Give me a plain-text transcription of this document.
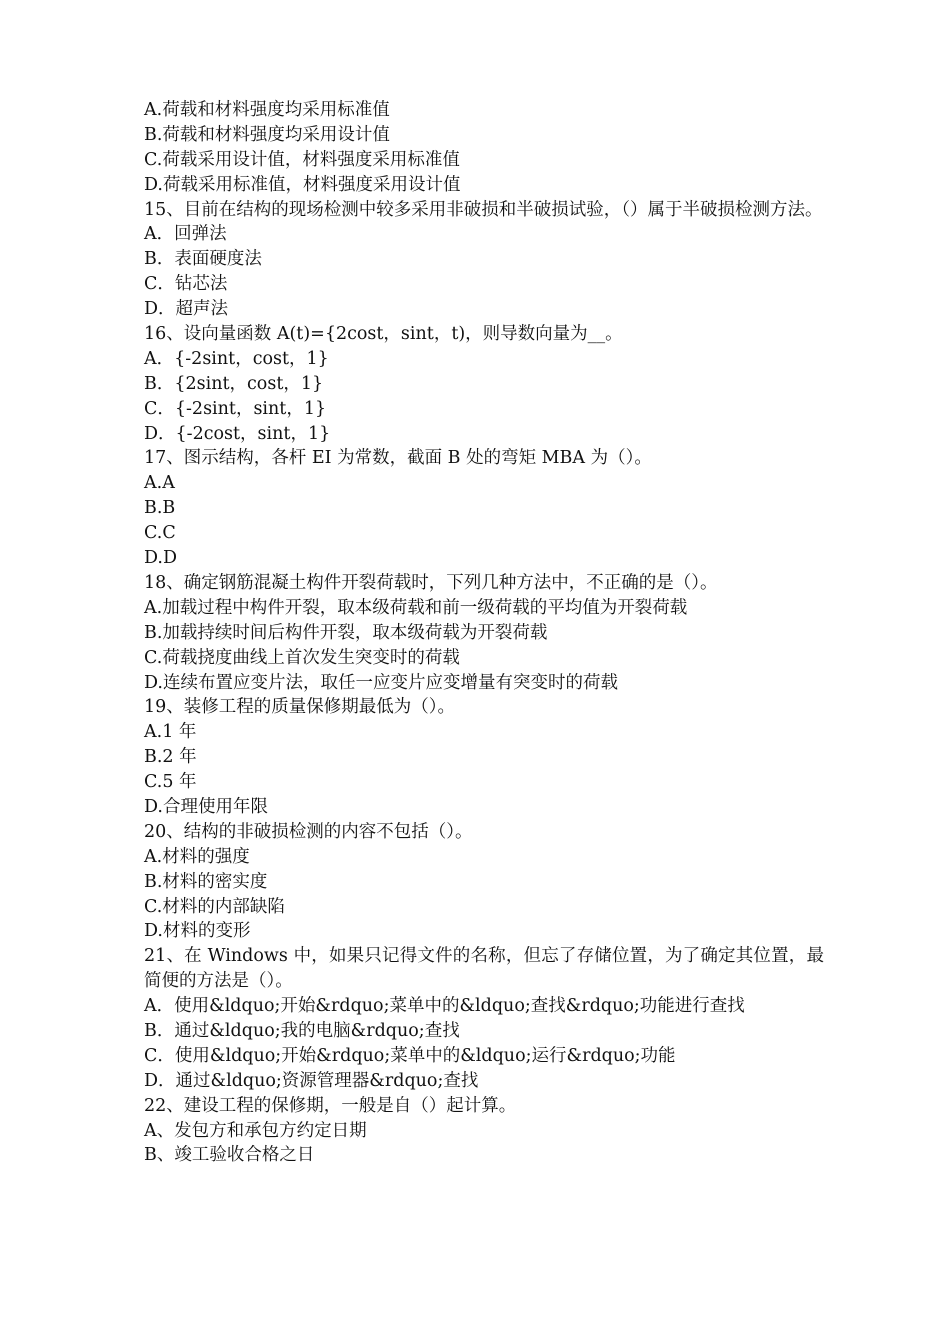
A.荷载和材料强度均采用标准值
B.荷载和材料强度均采用设计值
C.荷载采用设计值，材料强度采用标准值
D.荷载采用标准值，材料强度采用设计值
15、目前在结构的现场检测中较多采用非破损和半破损试验，（）属于半破损检测方法。
A．回弹法
B．表面硬度法
C．钻芯法
D．超声法
16、设向量函数 A(t)={2cost，sint，t)，则导数向量为__。
A．{-2sint，cost，1}
B．{2sint，cost，1}
C．{-2sint，sint，1}
D．{-2cost，sint，1}
17、图示结构，各杆 EI 为常数，截面 B 处的弯矩 MBA 为（）。
A.A
B.B
C.C
D.D
18、确定钢筋混凝土构件开裂荷载时，下列几种方法中，不正确的是（）。
A.加载过程中构件开裂，取本级荷载和前一级荷载的平均值为开裂荷载
B.加载持续时间后构件开裂，取本级荷载为开裂荷载
C.荷载挠度曲线上首次发生突变时的荷载
D.连续布置应变片法，取任一应变片应变增量有突变时的荷载
19、装修工程的质量保修期最低为（）。
A.1 年
B.2 年
C.5 年
D.合理使用年限
20、结构的非破损检测的内容不包括（）。
A.材料的强度
B.材料的密实度
C.材料的内部缺陷
D.材料的变形
21、在 Windows 中，如果只记得文件的名称，但忘了存储位置，为了确定其位置，最简便的方法是（）。
A．使用&ldquo;开始&rdquo;菜单中的&ldquo;查找&rdquo;功能进行查找
B．通过&ldquo;我的电脑&rdquo;查找
C．使用&ldquo;开始&rdquo;菜单中的&ldquo;运行&rdquo;功能
D．通过&ldquo;资源管理器&rdquo;查找
22、建设工程的保修期，一般是自（）起计算。
A、发包方和承包方约定日期
B、竣工验收合格之日
